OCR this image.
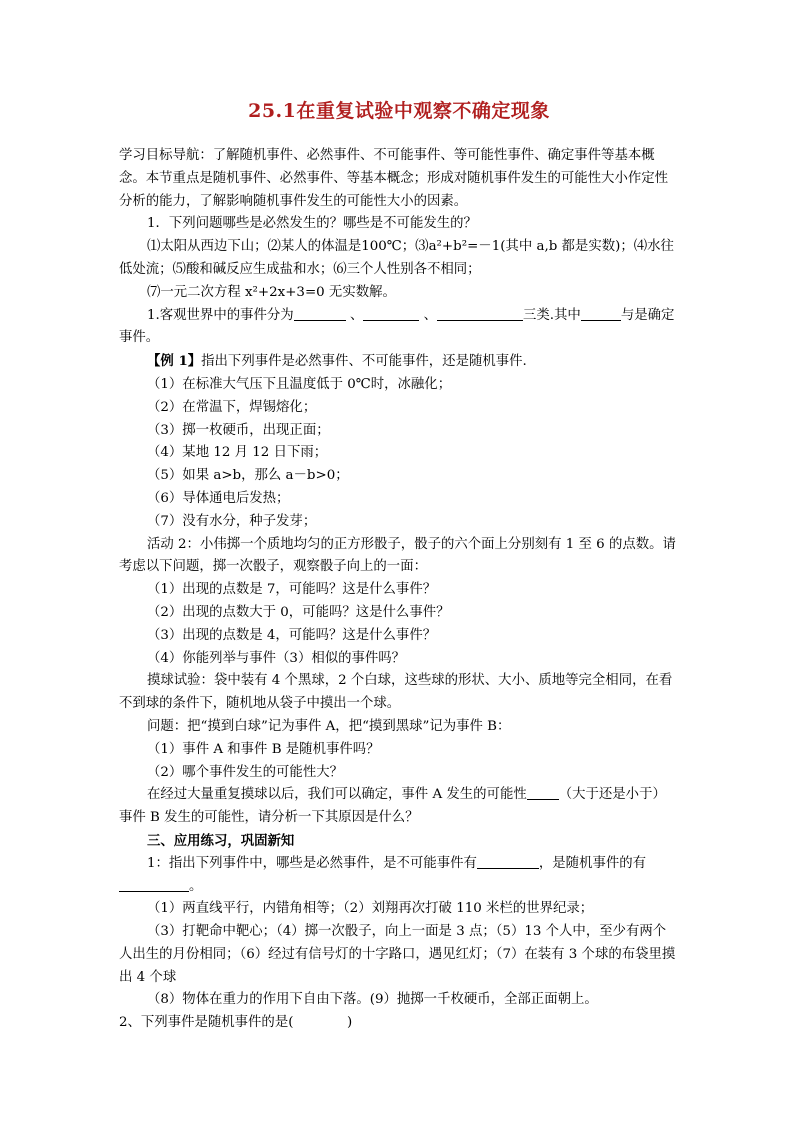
25.1在重复试验中观察不确定现象

学习目标导航：了解随机事件、必然事件、不可能事件、等可能性事件、确定事件等基本概念。本节重点是随机事件、必然事件、等基本概念；形成对随机事件发生的可能性大小作定性分析的能力，了解影响随机事件发生的可能性大小的因素。

1．下列问题哪些是必然发生的？哪些是不可能发生的？

⑴太阳从西边下山；⑵某人的体温是100℃；⑶a²+b²=－1(其中 a,b 都是实数)；⑷水往低处流；⑸酸和碱反应生成盐和水；⑹三个人性别各不相同；

⑺一元二次方程 x²+2x+3=0 无实数解。

1.客观世界中的事件分为	、	、	三类.其中	与是确定事件。

【例 1】指出下列事件是必然事件、不可能事件，还是随机事件.

（1）在标准大气压下且温度低于 0℃时，冰融化；

（2）在常温下，焊锡熔化；

（3）掷一枚硬币，出现正面；

（4）某地 12 月 12 日下雨；

（5）如果 a>b，那么 a－b>0；

（6）导体通电后发热；

（7）没有水分，种子发芽；

活动 2：小伟掷一个质地均匀的正方形骰子，骰子的六个面上分别刻有 1 至 6 的点数。请考虑以下问题，掷一次骰子，观察骰子向上的一面：

（1）出现的点数是 7，可能吗？这是什么事件？

（2）出现的点数大于 0，可能吗？这是什么事件？

（3）出现的点数是 4，可能吗？这是什么事件？

（4）你能列举与事件（3）相似的事件吗？

摸球试验：袋中装有 4 个黑球，2 个白球，这些球的形状、大小、质地等完全相同，在看不到球的条件下，随机地从袋子中摸出一个球。

问题：把“摸到白球”记为事件 A，把“摸到黑球”记为事件 B：

（1）事件 A 和事件 B 是随机事件吗？

（2）哪个事件发生的可能性大？

在经过大量重复摸球以后，我们可以确定，事件 A 发生的可能性 （大于还是小于）事件 B 发生的可能性，请分析一下其原因是什么？

三、应用练习，巩固新知

1：指出下列事件中，哪些是必然事件，是不可能事件有	，是随机事件的有。

（1）两直线平行，内错角相等；（2）刘翔再次打破 110 米栏的世界纪录；

（3）打靶命中靶心；（4）掷一次骰子，向上一面是 3 点；（5）13 个人中，至少有两个人出生的月份相同；（6）经过有信号灯的十字路口，遇见红灯；（7）在装有 3 个球的布袋里摸出 4 个球

（8）物体在重力的作用下自由下落。(9）抛掷一千枚硬币，全部正面朝上。

2、下列事件是随机事件的是(　　　　)
